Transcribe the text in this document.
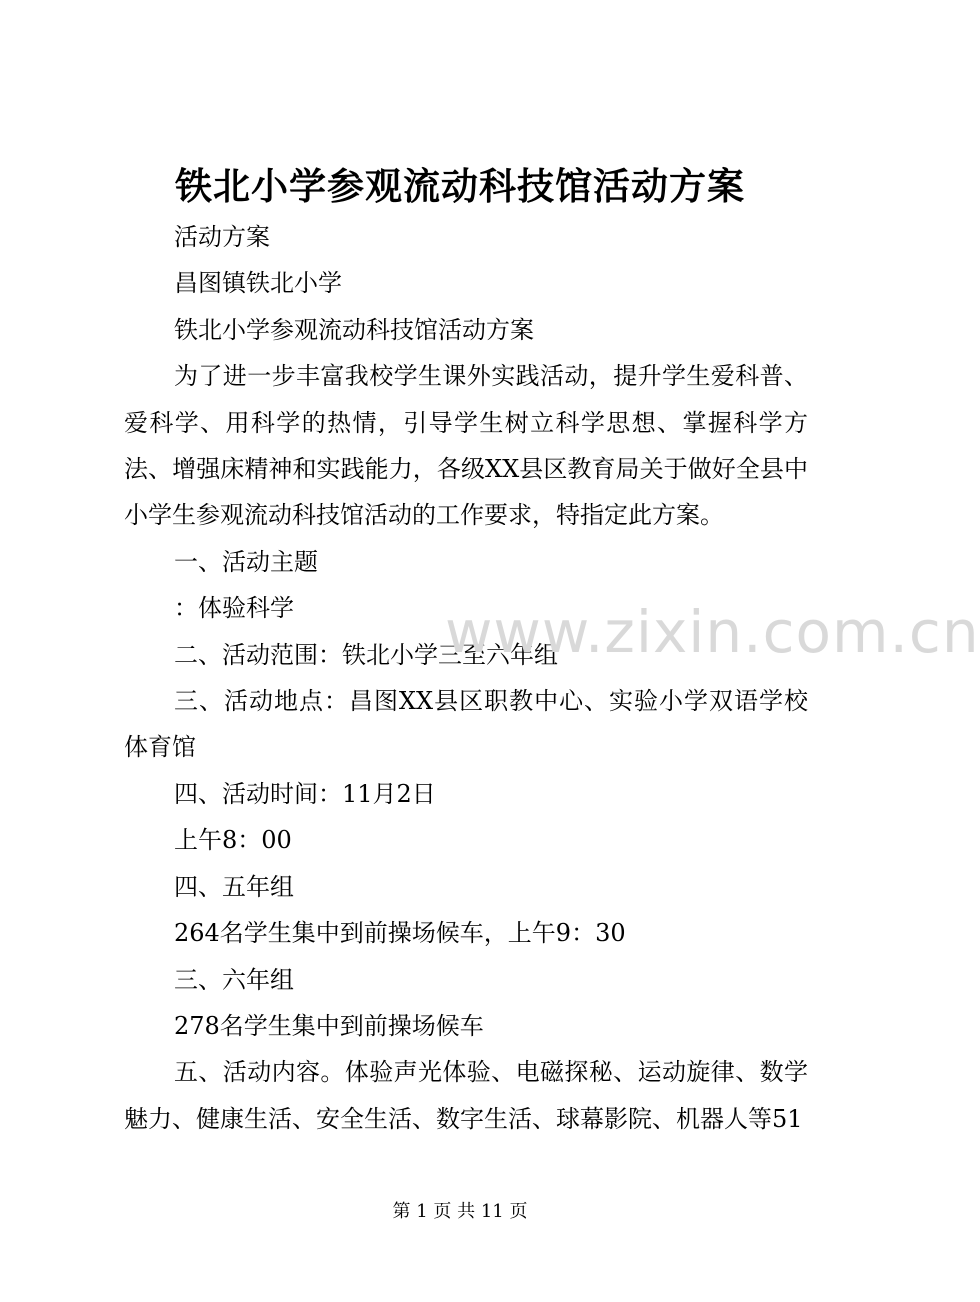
铁北小学参观流动科技馆活动方案

活动方案

昌图镇铁北小学

铁北小学参观流动科技馆活动方案

为了进一步丰富我校学生课外实践活动，提升学生爱科普、爱科学、用科学的热情，引导学生树立科学思想、掌握科学方法、增强床精神和实践能力，各级XX县区教育局关于做好全县中小学生参观流动科技馆活动的工作要求，特指定此方案。

一、活动主题

：体验科学

二、活动范围：铁北小学三至六年组

三、活动地点：昌图XX县区职教中心、实验小学双语学校体育馆

四、活动时间：11月2日

上午8：00

四、五年组

264名学生集中到前操场候车，上午9：30

三、六年组

278名学生集中到前操场候车

五、活动内容。体验声光体验、电磁探秘、运动旋律、数学魅力、健康生活、安全生活、数字生活、球幕影院、机器人等51

www.zixin.com.cn
第 1 页 共 11 页
